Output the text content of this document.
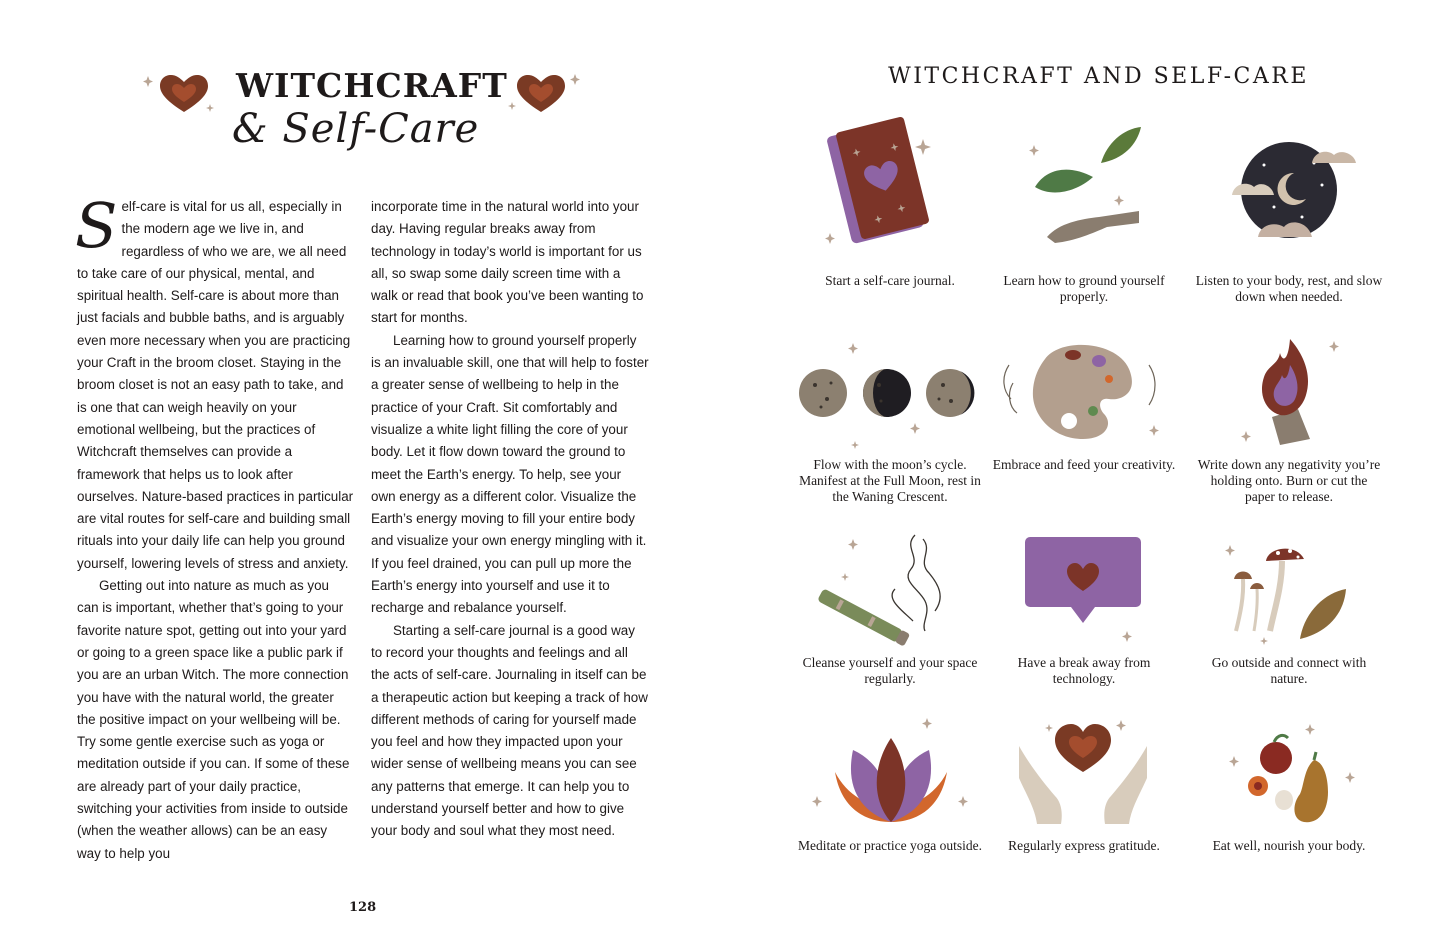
WITCHCRAFT
& Self-Care

Self-care is vital for us all, especially in the modern age we live in, and regardless of who we are, we all need to take care of our physical, mental, and spiritual health. Self-care is about more than just facials and bubble baths, and is arguably even more necessary when you are practicing your Craft in the broom closet. Staying in the broom closet is not an easy path to take, and is one that can weigh heavily on your emotional wellbeing, but the practices of Witchcraft themselves can provide a framework that helps us to look after ourselves. Nature-based practices in particular are vital routes for self-care and building small rituals into your daily life can help you ground yourself, lowering levels of stress and anxiety.

Getting out into nature as much as you can is important, whether that’s going to your favorite nature spot, getting out into your yard or going to a green space like a public park if you are an urban Witch. The more connection you have with the natural world, the greater the positive impact on your wellbeing will be. Try some gentle exercise such as yoga or meditation outside if you can. If some of these are already part of your daily practice, switching your activities from inside to outside (when the weather allows) can be an easy way to help you

incorporate time in the natural world into your day. Having regular breaks away from technology in today’s world is important for us all, so swap some daily screen time with a walk or read that book you’ve been wanting to start for months.

Learning how to ground yourself properly is an invaluable skill, one that will help to foster a greater sense of wellbeing to help in the practice of your Craft. Sit comfortably and visualize a white light filling the core of your body. Let it flow down toward the ground to meet the Earth’s energy. To help, see your own energy as a different color. Visualize the Earth’s energy moving to fill your entire body and visualize your own energy mingling with it. If you feel drained, you can pull up more the Earth’s energy into yourself and use it to recharge and rebalance yourself.

Starting a self-care journal is a good way to record your thoughts and feelings and all the acts of self-care. Journaling in itself can be a therapeutic action but keeping a track of how different methods of caring for yourself made you feel and how they impacted upon your wider sense of wellbeing means you can see any patterns that emerge. It can help you to understand yourself better and how to give your body and soul what they most need.

128
WITCHCRAFT AND SELF-CARE
Start a self-care journal.	Learn how to ground yourself properly.
Listen to your body, rest, and slow down when needed.
Flow with the moon’s cycle. Manifest at the Full Moon, rest in the Waning Crescent.
Embrace and feed your creativity. Write down any negativity you’re holding onto. Burn or cut the paper to release.
Cleanse yourself and your space regularly.
Have a break away from technology.
Go outside and connect with nature.
Meditate or practice yoga outside.	Regularly express gratitude.	Eat well, nourish your body.
